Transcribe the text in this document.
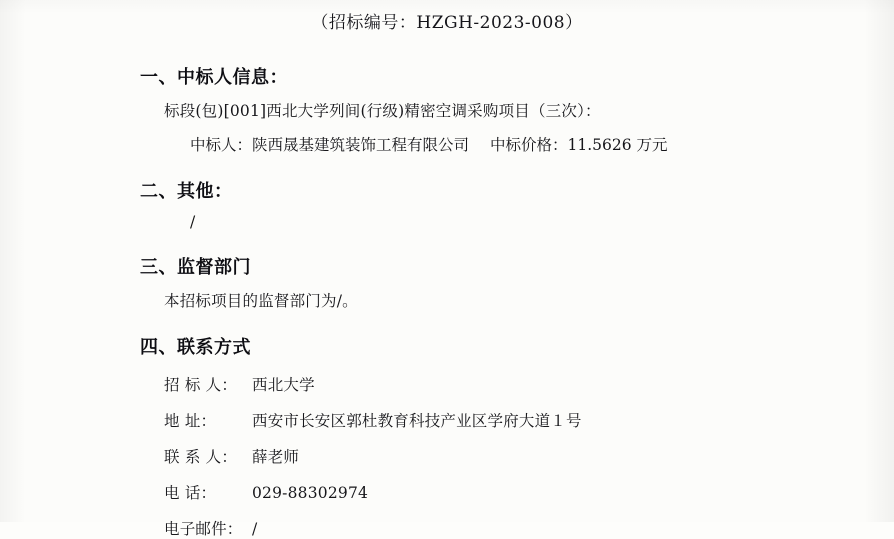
（招标编号：HZGH-2023-008）
一、中标人信息：
标段(包)[001]西北大学列间(行级)精密空调采购项目（三次）：
中标人：陕西晟基建筑装饰工程有限公司	中标价格：11.5626 万元
二、其他：
/
三、监督部门
本招标项目的监督部门为/。
四、联系方式
招 标 人： 西北大学
地 址：	西安市长安区郭杜教育科技产业区学府大道１号
联 系 人： 薛老师
电 话：	029-88302974
电子邮件： /
